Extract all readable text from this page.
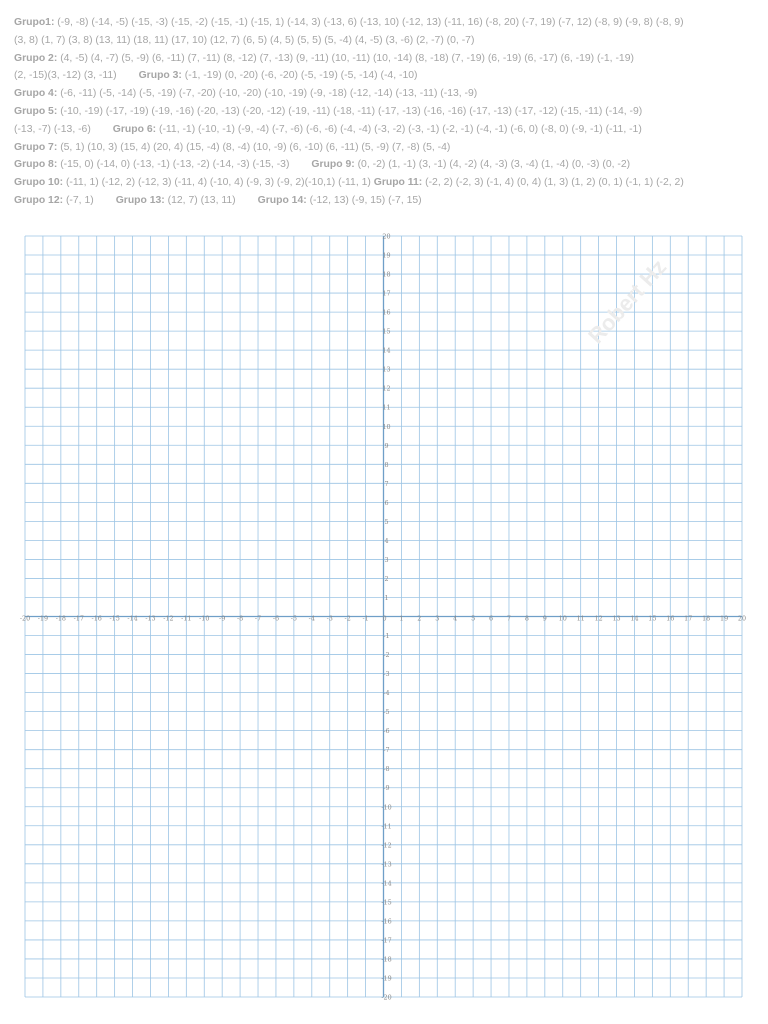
Grupo1: (-9, -8) (-14, -5) (-15, -3) (-15, -2) (-15, -1) (-15, 1) (-14, 3) (-13, 6) (-13, 10) (-12, 13) (-11, 16) (-8, 20) (-7, 19) (-7, 12) (-8, 9) (-9, 8) (-8, 9)
(3, 8) (1, 7) (3, 8) (13, 11) (18, 11) (17, 10) (12, 7) (6, 5) (4, 5) (5, 5) (5, -4) (4, -5) (3, -6) (2, -7) (0, -7)
Grupo 2: (4, -5) (4, -7) (5, -9) (6, -11) (7, -11) (8, -12) (7, -13) (9, -11) (10, -11) (10, -14) (8, -18) (7, -19) (6, -19) (6, -17) (6, -19) (-1, -19)
(2, -15)(3, -12) (3, -11) Grupo 3: (-1, -19) (0, -20) (-6, -20) (-5, -19) (-5, -14) (-4, -10)
Grupo 4: (-6, -11) (-5, -14) (-5, -19) (-7, -20) (-10, -20) (-10, -19) (-9, -18) (-12, -14) (-13, -11) (-13, -9)
Grupo 5: (-10, -19) (-17, -19) (-19, -16) (-20, -13) (-20, -12) (-19, -11) (-18, -11) (-17, -13) (-16, -16) (-17, -13) (-17, -12) (-15, -11) (-14, -9)
(-13, -7) (-13, -6) Grupo 6: (-11, -1) (-10, -1) (-9, -4) (-7, -6) (-6, -6) (-4, -4) (-3, -2) (-3, -1) (-2, -1) (-4, -1) (-6, 0) (-8, 0) (-9, -1) (-11, -1)
Grupo 7: (5, 1) (10, 3) (15, 4) (20, 4) (15, -4) (8, -4) (10, -9) (6, -10) (6, -11) (5, -9) (7, -8) (5, -4)
Grupo 8: (-15, 0) (-14, 0) (-13, -1) (-13, -2) (-14, -3) (-15, -3) Grupo 9: (0, -2) (1, -1) (3, -1) (4, -2) (4, -3) (3, -4) (1, -4) (0, -3) (0, -2)
Grupo 10: (-11, 1) (-12, 2) (-12, 3) (-11, 4) (-10, 4) (-9, 3) (-9, 2)(-10,1) (-11, 1) Grupo 11: (-2, 2) (-2, 3) (-1, 4) (0, 4) (1, 3) (1, 2) (0, 1) (-1, 1) (-2, 2)
Grupo 12: (-7, 1) Grupo 13: (12, 7) (13, 11) Grupo 14: (-12, 13) (-9, 15) (-7, 15)
-20 -19 -18 -17 -16 -15 -14 -13 -12 -11 -10 -9 -8 -7 -6 -5 -4 -3 -2 -1	1 2 3 4 5 6 7 8 9 10 11 12 13 14 15 16 17 18 19 20
-20
-19
-18
-17
-16
-15
-14
-13
-12
-11
-10
-9
-8
-7
-6
-5
-4
-3
-2
-1
1
2
3
4
5
6
7
8
9
10
11
12
13
14
15
16
17
18
19
20
0
Robert Hz
